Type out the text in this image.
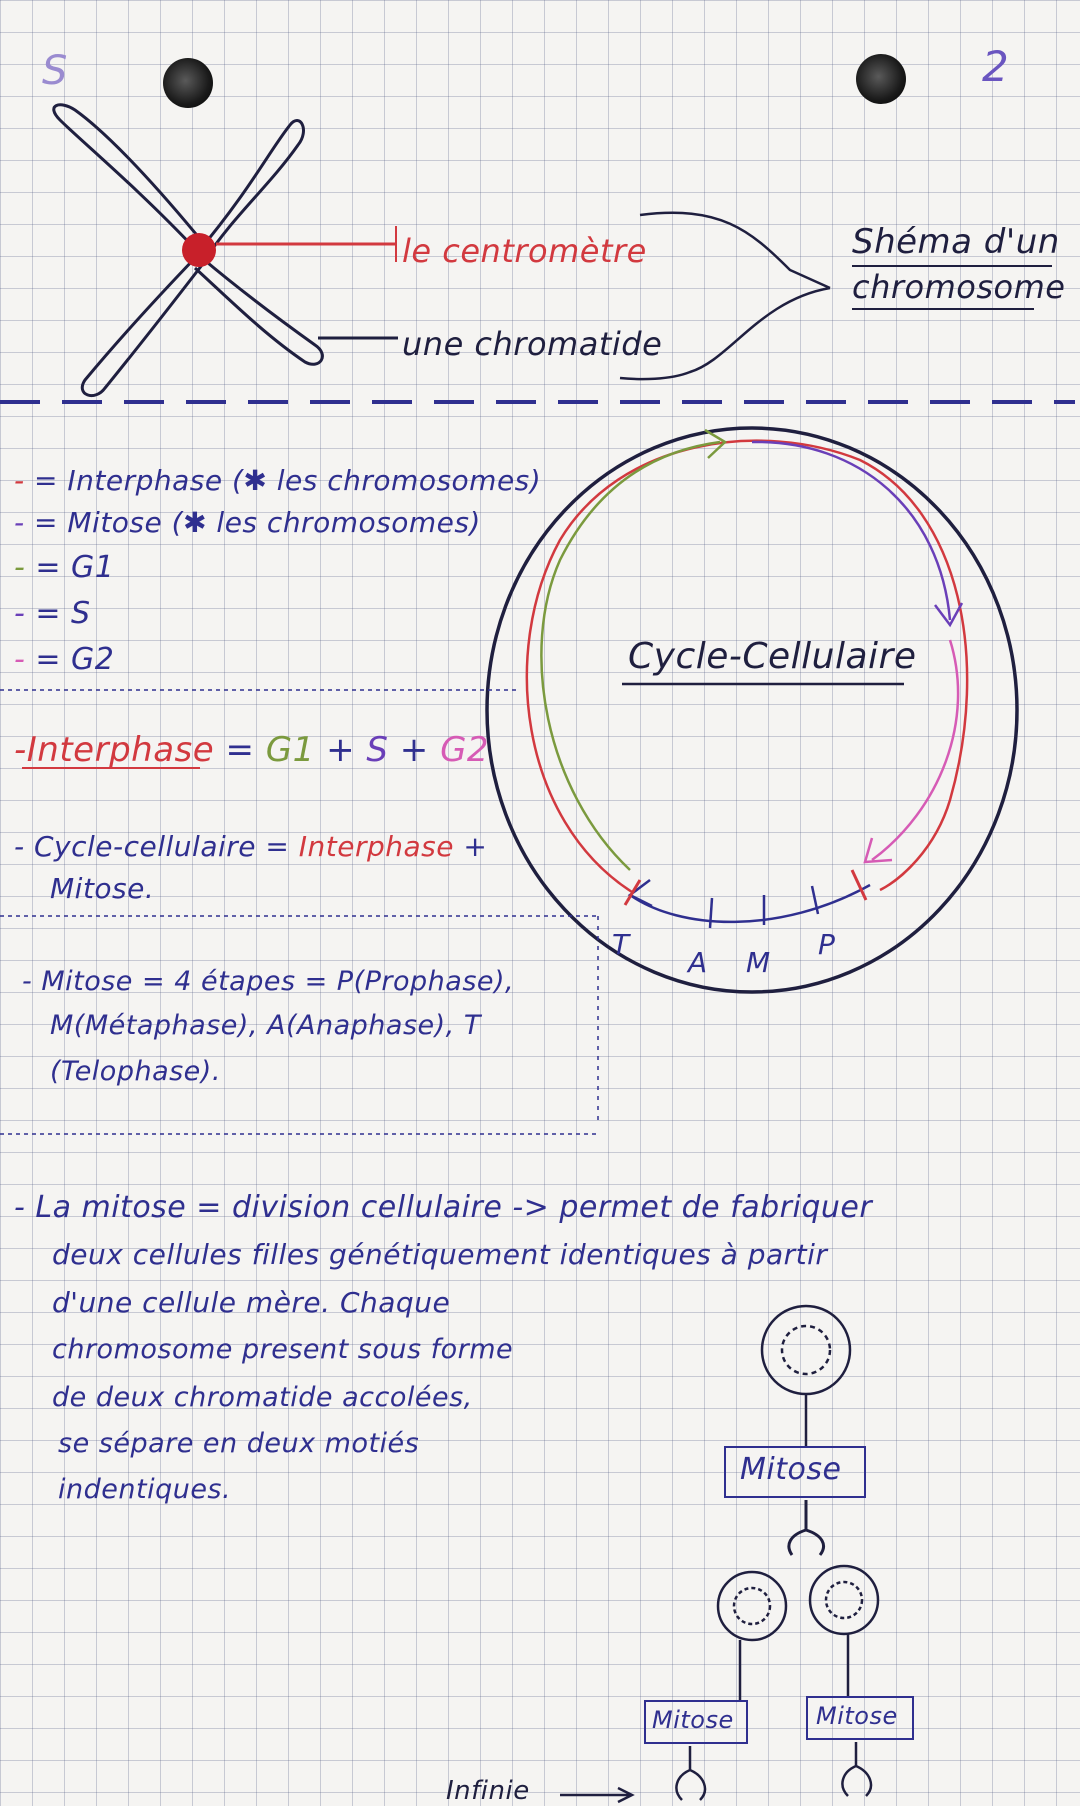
S	2
le centromètre
une chromatide
Shéma d'un
chromosome
- = Interphase (✱ les chromosomes)
- = Mitose (✱ les chromosomes)
- = G1
- = S
- = G2
-Interphase = G1 + S + G2
- Cycle-cellulaire = Interphase +
Mitose.
- Mitose = 4 étapes = P(Prophase),
M(Métaphase), A(Anaphase), T
(Telophase).
Cycle-Cellulaire
T
A M
P
- La mitose = division cellulaire -> permet de fabriquer
deux cellules filles génétiquement identiques à partir
d'une cellule mère. Chaque
chromosome present sous forme
de deux chromatide accolées,
se sépare en deux motiés
indentiques.
Mitose
Mitose	Mitose
Infinie
